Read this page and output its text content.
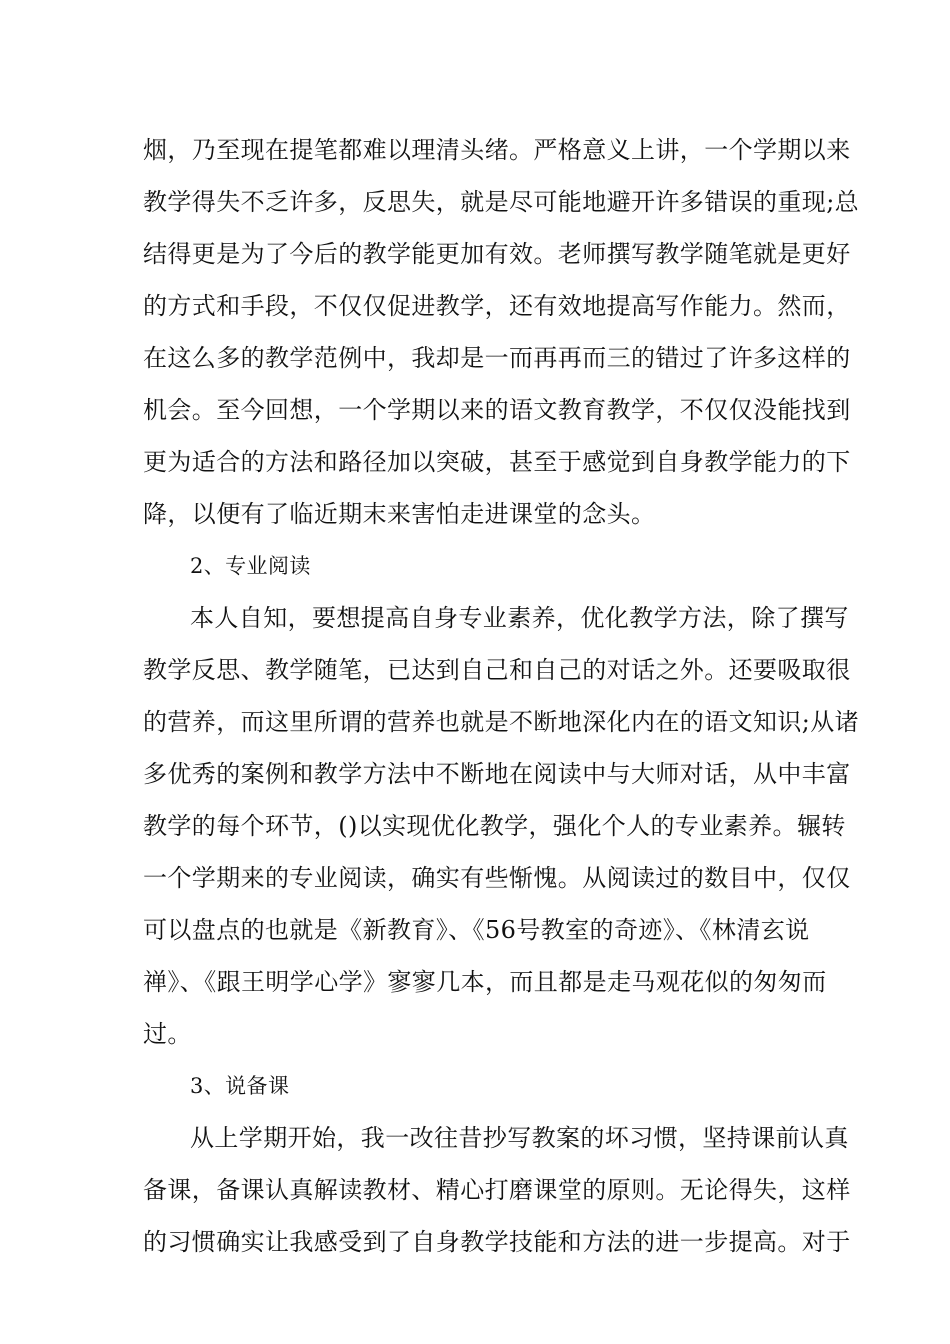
烟，乃至现在提笔都难以理清头绪。严格意义上讲，一个学期以来
教学得失不乏许多，反思失，就是尽可能地避开许多错误的重现;总
结得更是为了今后的教学能更加有效。老师撰写教学随笔就是更好
的方式和手段，不仅仅促进教学，还有效地提高写作能力。然而，
在这么多的教学范例中，我却是一而再再而三的错过了许多这样的
机会。至今回想，一个学期以来的语文教育教学，不仅仅没能找到
更为适合的方法和路径加以突破，甚至于感觉到自身教学能力的下
降，以便有了临近期末来害怕走进课堂的念头。
2、专业阅读
本人自知，要想提高自身专业素养，优化教学方法，除了撰写
教学反思、教学随笔，已达到自己和自己的对话之外。还要吸取很
的营养，而这里所谓的营养也就是不断地深化内在的语文知识;从诸
多优秀的案例和教学方法中不断地在阅读中与大师对话，从中丰富
教学的每个环节，()以实现优化教学，强化个人的专业素养。辗转
一个学期来的专业阅读，确实有些惭愧。从阅读过的数目中，仅仅
可以盘点的也就是《新教育》、《56号教室的奇迹》、《林清玄说
禅》、《跟王明学心学》寥寥几本，而且都是走马观花似的匆匆而
过。
3、说备课
从上学期开始，我一改往昔抄写教案的坏习惯，坚持课前认真
备课，备课认真解读教材、精心打磨课堂的原则。无论得失，这样
的习惯确实让我感受到了自身教学技能和方法的进一步提高。对于
